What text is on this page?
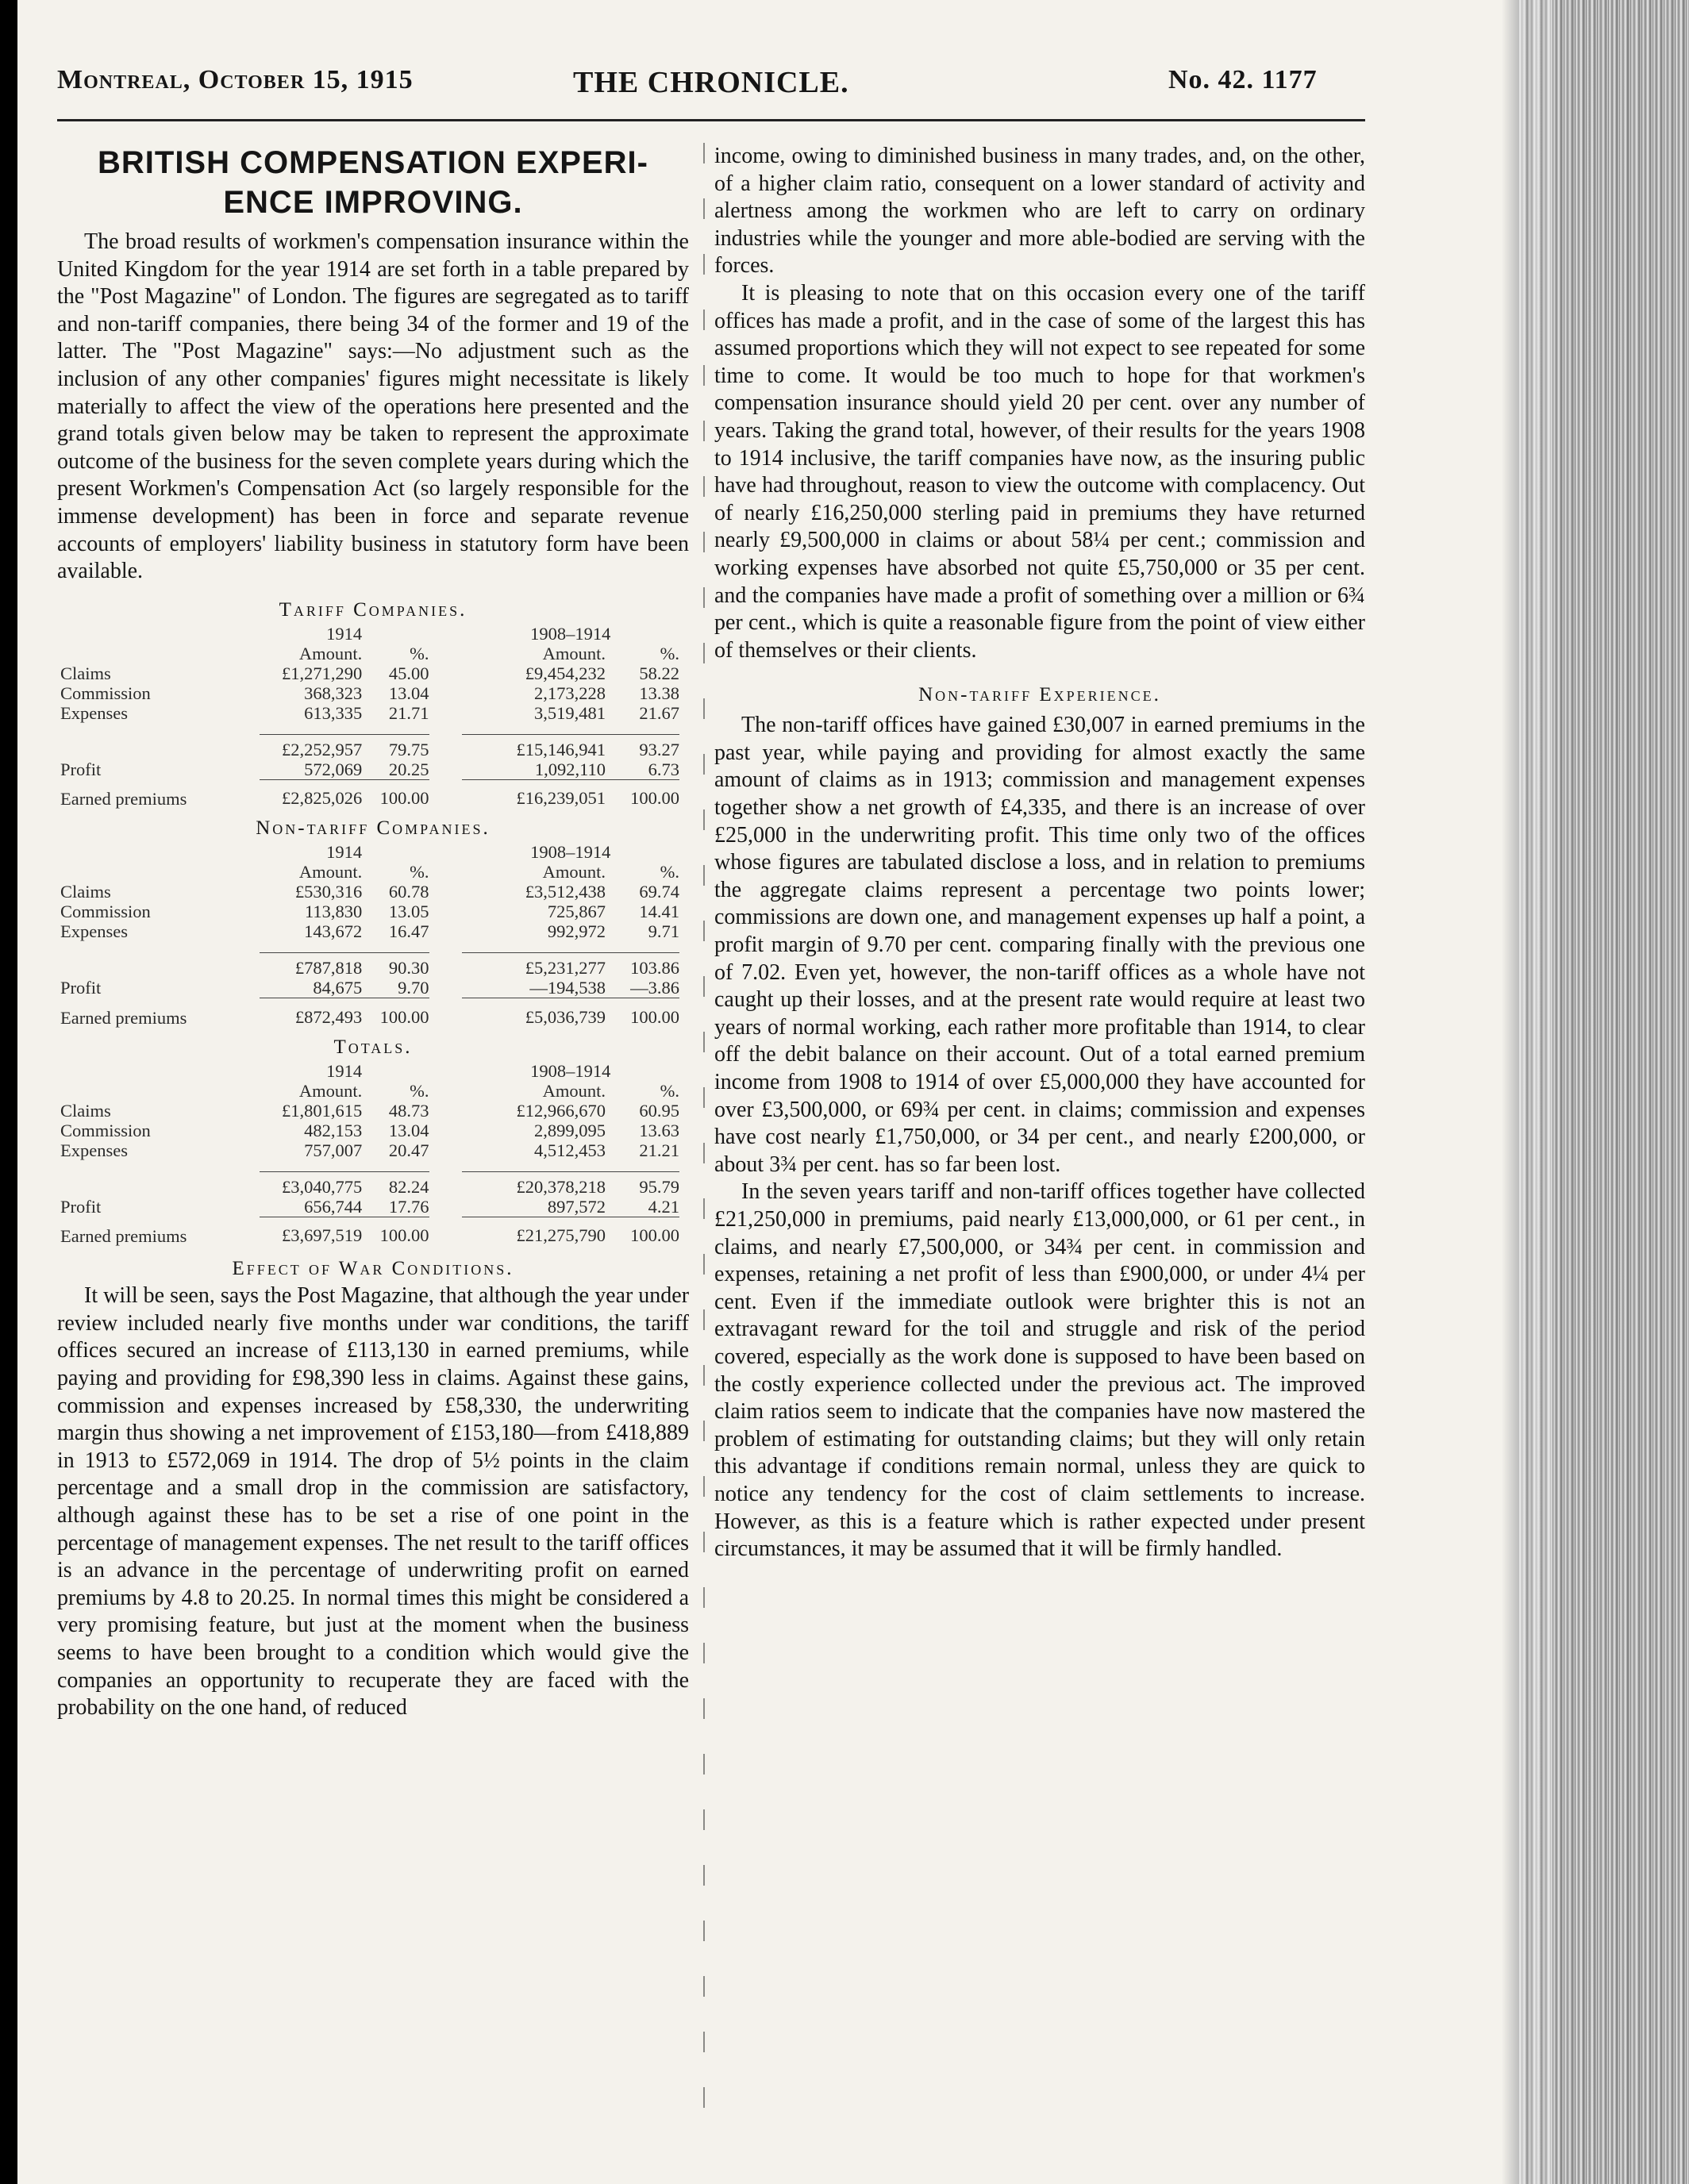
Montreal, October 15, 1915	THE CHRONICLE.	No. 42. 1177
BRITISH COMPENSATION EXPERI- ENCE IMPROVING.

The broad results of workmen's compensation insurance within the United Kingdom for the year 1914 are set forth in a table prepared by the "Post Magazine" of London. The figures are segregated as to tariff and non-tariff companies, there being 34 of the former and 19 of the latter. The "Post Magazine" says:—No adjustment such as the inclusion of any other companies' figures might necessitate is likely materially to affect the view of the operations here presented and the grand totals given below may be taken to represent the approximate outcome of the business for the seven complete years during which the present Workmen's Compensation Act (so largely responsible for the immense development) has been in force and separate revenue accounts of employers' liability business in statutory form have been available.

Tariff Companies.

	1914			1908–1914	
	Amount.	%.		Amount.	%.
Claims	£1,271,290	45.00		£9,454,232	58.22
Commission	368,323	13.04		2,173,228	13.38
Expenses	613,335	21.71		3,519,481	21.67

	£2,252,957	79.75		£15,146,941	93.27
Profit	572,069	20.25		1,092,110	6.73
Earned premiums	£2,825,026	100.00		£16,239,051	100.00

Non-tariff Companies.

	1914			1908–1914	
	Amount.	%.		Amount.	%.
Claims	£530,316	60.78		£3,512,438	69.74
Commission	113,830	13.05		725,867	14.41
Expenses	143,672	16.47		992,972	9.71

	£787,818	90.30		£5,231,277	103.86
Profit	84,675	9.70		—194,538	—3.86
Earned premiums	£872,493	100.00		£5,036,739	100.00

Totals.

	1914			1908–1914	
	Amount.	%.		Amount.	%.
Claims	£1,801,615	48.73		£12,966,670	60.95
Commission	482,153	13.04		2,899,095	13.63
Expenses	757,007	20.47		4,512,453	21.21

	£3,040,775	82.24		£20,378,218	95.79
Profit	656,744	17.76		897,572	4.21
Earned premiums	£3,697,519	100.00		£21,275,790	100.00

Effect of War Conditions.

It will be seen, says the Post Magazine, that although the year under review included nearly five months under war conditions, the tariff offices secured an increase of £113,130 in earned premiums, while paying and providing for £98,390 less in claims. Against these gains, commission and expenses increased by £58,330, the underwriting margin thus showing a net improvement of £153,180—from £418,889 in 1913 to £572,069 in 1914. The drop of 5½ points in the claim percentage and a small drop in the commission are satisfactory, although against these has to be set a rise of one point in the percentage of management expenses. The net result to the tariff offices is an advance in the percentage of underwriting profit on earned premiums by 4.8 to 20.25. In normal times this might be considered a very promising feature, but just at the moment when the business seems to have been brought to a condition which would give the companies an opportunity to recuperate they are faced with the probability on the one hand, of reduced

income, owing to diminished business in many trades, and, on the other, of a higher claim ratio, consequent on a lower standard of activity and alertness among the workmen who are left to carry on ordinary industries while the younger and more able-bodied are serving with the forces.

It is pleasing to note that on this occasion every one of the tariff offices has made a profit, and in the case of some of the largest this has assumed proportions which they will not expect to see repeated for some time to come. It would be too much to hope for that workmen's compensation insurance should yield 20 per cent. over any number of years. Taking the grand total, however, of their results for the years 1908 to 1914 inclusive, the tariff companies have now, as the insuring public have had throughout, reason to view the outcome with complacency. Out of nearly £16,250,000 sterling paid in premiums they have returned nearly £9,500,000 in claims or about 58¼ per cent.; commission and working expenses have absorbed not quite £5,750,000 or 35 per cent. and the companies have made a profit of something over a million or 6¾ per cent., which is quite a reasonable figure from the point of view either of themselves or their clients.

Non-tariff Experience.

The non-tariff offices have gained £30,007 in earned premiums in the past year, while paying and providing for almost exactly the same amount of claims as in 1913; commission and management expenses together show a net growth of £4,335, and there is an increase of over £25,000 in the underwriting profit. This time only two of the offices whose figures are tabulated disclose a loss, and in relation to premiums the aggregate claims represent a percentage two points lower; commissions are down one, and management expenses up half a point, a profit margin of 9.70 per cent. comparing finally with the previous one of 7.02. Even yet, however, the non-tariff offices as a whole have not caught up their losses, and at the present rate would require at least two years of normal working, each rather more profitable than 1914, to clear off the debit balance on their account. Out of a total earned premium income from 1908 to 1914 of over £5,000,000 they have accounted for over £3,500,000, or 69¾ per cent. in claims; commission and expenses have cost nearly £1,750,000, or 34 per cent., and nearly £200,000, or about 3¾ per cent. has so far been lost.

In the seven years tariff and non-tariff offices together have collected £21,250,000 in premiums, paid nearly £13,000,000, or 61 per cent., in claims, and nearly £7,500,000, or 34¾ per cent. in commission and expenses, retaining a net profit of less than £900,000, or under 4¼ per cent. Even if the immediate outlook were brighter this is not an extravagant reward for the toil and struggle and risk of the period covered, especially as the work done is supposed to have been based on the costly experience collected under the previous act. The improved claim ratios seem to indicate that the companies have now mastered the problem of estimating for outstanding claims; but they will only retain this advantage if conditions remain normal, unless they are quick to notice any tendency for the cost of claim settlements to increase. However, as this is a feature which is rather expected under present circumstances, it may be assumed that it will be firmly handled.
